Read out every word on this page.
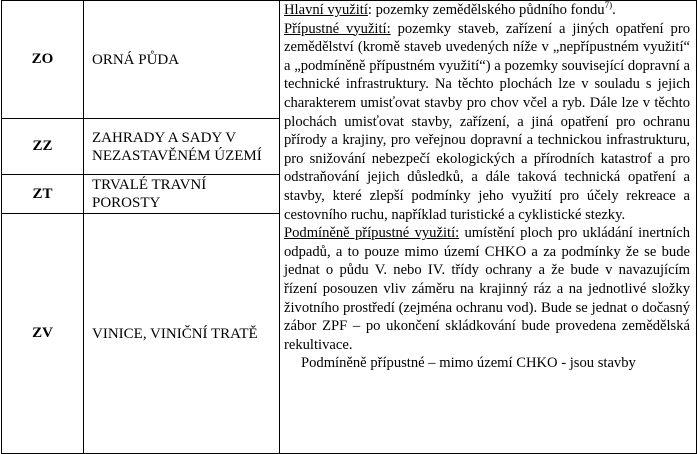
ZO	ORNÁ PŮDA	Hlavní využití: pozemky zemědělského půdního fondu$^{7)}$.

Přípustné využití: pozemky staveb, zařízení a jiných opatření pro zemědělství (kromě staveb uvedených níže v „nepřípustném využití“ a „podmíněně přípustném využití“) a pozemky související dopravní a technické infrastruktury. Na těchto plochách lze v souladu s jejich charakterem umisťovat stavby pro chov včel a ryb. Dále lze v těchto plochách umisťovat stavby, zařízení, a jiná opatření pro ochranu přírody a krajiny, pro veřejnou dopravní a technickou infrastrukturu, pro snižování nebezpečí ekologických a přírodních katastrof a pro odstraňování jejich důsledků, a dále taková technická opatření a stavby, které zlepší podmínky jeho využití pro účely rekreace a cestovního ruchu, například turistické a cyklistické stezky.

Podmíněně přípustné využití: umístění ploch pro ukládání inertních odpadů, a to pouze mimo území CHKO a za podmínky že se bude jednat o půdu V. nebo IV. třídy ochrany a že bude v navazujícím řízení posouzen vliv záměru na krajinný ráz a na jednotlivé složky životního prostředí (zejména ochranu vod). Bude se jednat o dočasný zábor ZPF – po ukončení skládkování bude provedena zemědělská rekultivace.

Podmíněně přípustné – mimo území CHKO - jsou stavby

ZZ	ZAHRADY A SADY V NEZASTAVĚNÉM ÚZEMÍ	
ZT	TRVALÉ TRAVNÍ POROSTY	
ZV	VINICE, VINIČNÍ TRATĚ	
